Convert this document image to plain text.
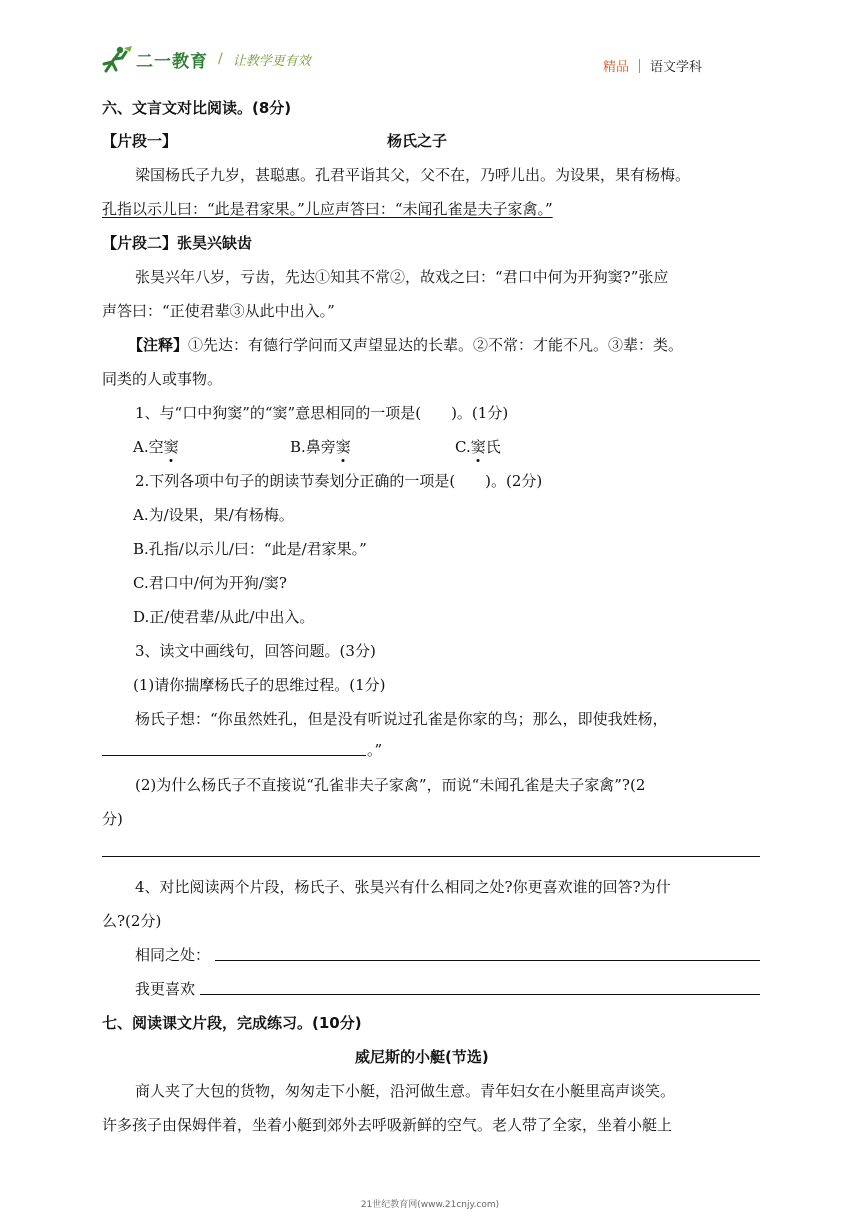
二一教育 / 让教学更有效	精品 语文学科
六、文言文对比阅读。(8分)
【片段一】	杨氏之子
梁国杨氏子九岁，甚聪惠。孔君平诣其父，父不在，乃呼儿出。为设果，果有杨梅。
孔指以示儿曰：“此是君家果。”儿应声答曰：“未闻孔雀是夫子家禽。”
【片段二】张昊兴缺齿
张昊兴年八岁，亏齿，先达①知其不常②，故戏之曰：“君口中何为开狗窦?”张应
声答曰：“正使君辈③从此中出入。”
【注释】①先达：有德行学问而又声望显达的长辈。②不常：才能不凡。③辈：类。
同类的人或事物。
1、与“口中狗窦”的“窦”意思相同的一项是(　　)。(1分)
A.空窦	B.鼻旁窦	C.窦氏
2.下列各项中句子的朗读节奏划分正确的一项是(　　)。(2分)
A.为/设果，果/有杨梅。
B.孔指/以示儿/曰：“此是/君家果。”
C.君口中/何为开狗/窦?
D.正/使君辈/从此/中出入。
3、读文中画线句，回答问题。(3分)
(1)请你揣摩杨氏子的思维过程。(1分)
杨氏子想：“你虽然姓孔，但是没有听说过孔雀是你家的鸟；那么，即使我姓杨，
。”
(2)为什么杨氏子不直接说“孔雀非夫子家禽”，而说“未闻孔雀是夫子家禽”?(2
分)
4、对比阅读两个片段，杨氏子、张昊兴有什么相同之处?你更喜欢谁的回答?为什
么?(2分)
相同之处：
我更喜欢
七、阅读课文片段，完成练习。(10分)
威尼斯的小艇(节选)
商人夹了大包的货物，匆匆走下小艇，沿河做生意。青年妇女在小艇里高声谈笑。
许多孩子由保姆伴着，坐着小艇到郊外去呼吸新鲜的空气。老人带了全家，坐着小艇上
21世纪教育网(www.21cnjy.com)
